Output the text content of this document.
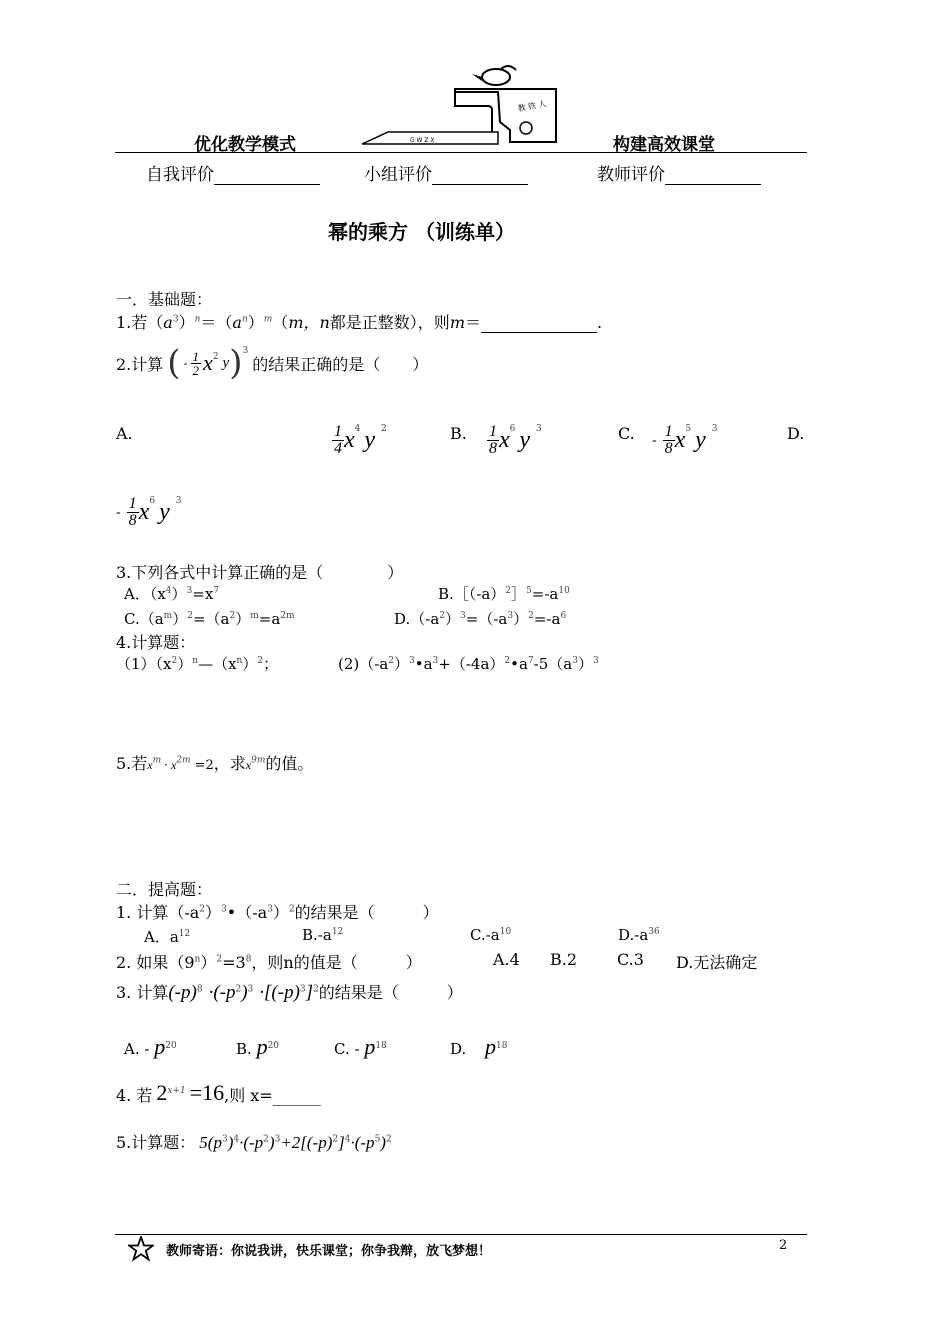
优化教学模式	构建高效课堂
G W Z X
教 铁 人
自我评价	小组评价	教师评价
幂的乘方 （训练单）
一．基础题：
1.若$(a^3)^n=(a^n)^m(m$，n都是正整数），则m＝	.
2.计算 ( - $\frac{1}{2} x^2$ y )$^3$
的结果正确的是（　　）
A.	$\frac{1}{4} x^4$ y $^2$	B. $\frac{1}{8} x^6$ y $^3$	C. - $\frac{1}{8} x^5$ y $^3$	D.
- $\frac{1}{8} x^6$ y $^3$
3.下列各式中计算正确的是（　　　　）
A．$(x^4)^3=x^7$	$B.[(-a)^2]^5=-a^{10}$
$C.(a^m)^2=(a^2)^m=a^{2m}$	$D.(-a^2)^3=(-a^3)^2=-a^6$
4.计算题：
$(1)(x^2)^n—(x^n)^2$；	$(2)(-a^2)^3•a^3+(-4a)^2•a^7-5(a^3)^3$
5.若$x^m \cdot x^{2m} =2$，求$x^{9m}$的值。
二．提高题：
1. 计算$(-a^2)^3•(-a^3)^2$的结果是（　　　）
A．$a^{12}$	$B.-a^{12}$	$C.-a^{10}$	$D.-a^{36}$
2. 如果$(9^n)^2=3^8$，则n的值是（　　　）	A.4 B.2 C.3 D.无法确定
3. 计算$(-p)^8 \cdot(-p^2)^3 \cdot[(-p)^3]^2$的结果是（　　　）
A. - $p^{20}$	B. $p^{20}$	C. - $p^{18}$	D. $p^{18}$
4. 若 2 x+1 =16 ,则 x= ______
5.计算题： $5(p^3)^4\cdot(-p^2)^3+2[(-p)^2]^4\cdot(-p^5)^2$
教师寄语：你说我讲，快乐课堂；你争我辩，放飞梦想！	2
